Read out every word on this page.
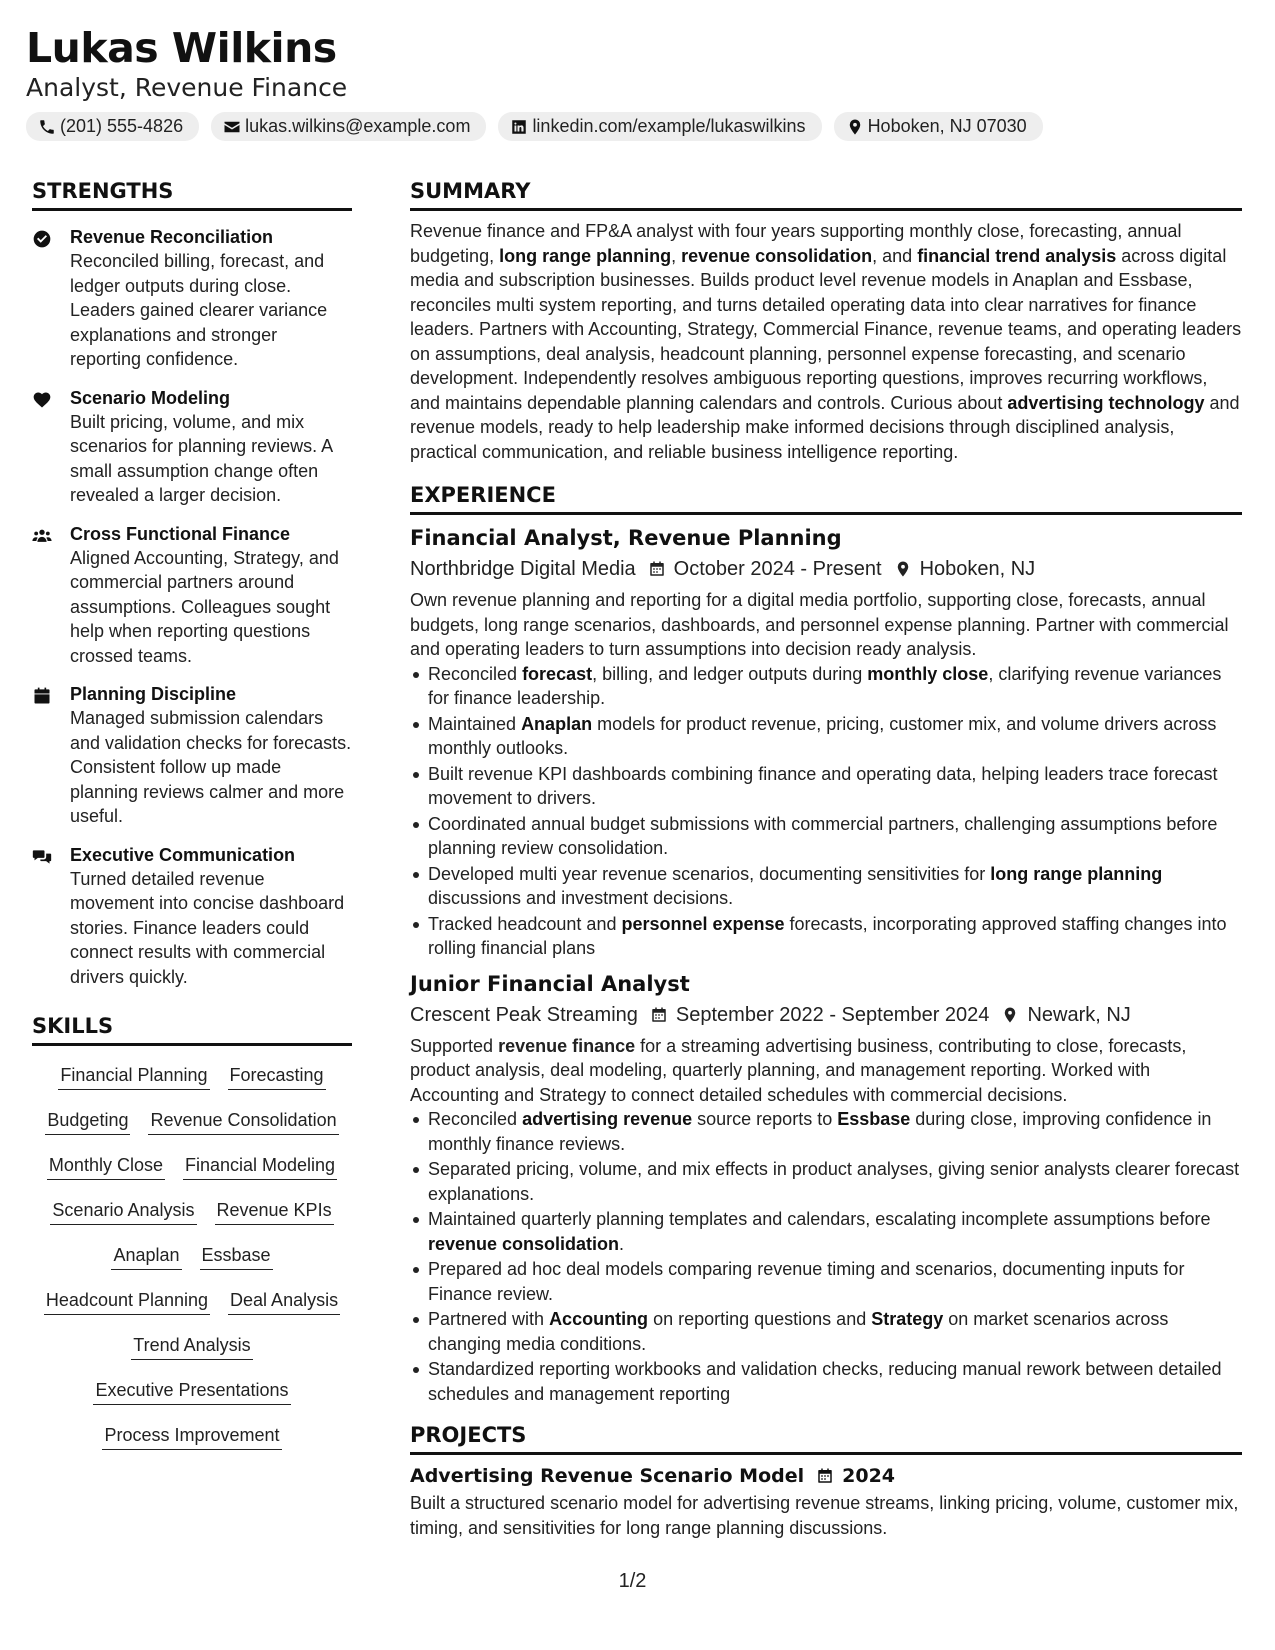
Lukas Wilkins
Analyst, Revenue Finance
(201) 555-4826	lukas.wilkins@example.com	linkedin.com/example/lukaswilkins	Hoboken, NJ 07030
STRENGTHS
Revenue Reconciliation
Reconciled billing, forecast, and ledger outputs during close. Leaders gained clearer variance explanations and stronger reporting confidence.
Scenario Modeling
Built pricing, volume, and mix scenarios for planning reviews. A small assumption change often revealed a larger decision.
Cross Functional Finance
Aligned Accounting, Strategy, and commercial partners around assumptions. Colleagues sought help when reporting questions crossed teams.
Planning Discipline
Managed submission calendars and validation checks for forecasts. Consistent follow up made planning reviews calmer and more useful.
Executive Communication
Turned detailed revenue movement into concise dashboard stories. Finance leaders could connect results with commercial drivers quickly.
SKILLS
Financial Planning Forecasting
Budgeting Revenue Consolidation
Monthly Close Financial Modeling
Scenario Analysis Revenue KPIs
Anaplan Essbase
Headcount Planning Deal Analysis
Trend Analysis
Executive Presentations
Process Improvement
SUMMARY
Revenue finance and FP&A analyst with four years supporting monthly close, forecasting, annual budgeting, long range planning, revenue consolidation, and financial trend analysis across digital media and subscription businesses. Builds product level revenue models in Anaplan and Essbase, reconciles multi system reporting, and turns detailed operating data into clear narratives for finance leaders. Partners with Accounting, Strategy, Commercial Finance, revenue teams, and operating leaders on assumptions, deal analysis, headcount planning, personnel expense forecasting, and scenario development. Independently resolves ambiguous reporting questions, improves recurring workflows, and maintains dependable planning calendars and controls. Curious about advertising technology and revenue models, ready to help leadership make informed decisions through disciplined analysis, practical communication, and reliable business intelligence reporting.
EXPERIENCE
Financial Analyst, Revenue Planning
Northbridge Digital Media October 2024 - Present Hoboken, NJ
Own revenue planning and reporting for a digital media portfolio, supporting close, forecasts, annual budgets, long range scenarios, dashboards, and personnel expense planning. Partner with commercial and operating leaders to turn assumptions into decision ready analysis.
Reconciled forecast, billing, and ledger outputs during monthly close, clarifying revenue variances for finance leadership.
Maintained Anaplan models for product revenue, pricing, customer mix, and volume drivers across monthly outlooks.
Built revenue KPI dashboards combining finance and operating data, helping leaders trace forecast movement to drivers.
Coordinated annual budget submissions with commercial partners, challenging assumptions before planning review consolidation.
Developed multi year revenue scenarios, documenting sensitivities for long range planning discussions and investment decisions.
Tracked headcount and personnel expense forecasts, incorporating approved staffing changes into rolling financial plans
Junior Financial Analyst
Crescent Peak Streaming September 2022 - September 2024 Newark, NJ
Supported revenue finance for a streaming advertising business, contributing to close, forecasts, product analysis, deal modeling, quarterly planning, and management reporting. Worked with Accounting and Strategy to connect detailed schedules with commercial decisions.
Reconciled advertising revenue source reports to Essbase during close, improving confidence in monthly finance reviews.
Separated pricing, volume, and mix effects in product analyses, giving senior analysts clearer forecast explanations.
Maintained quarterly planning templates and calendars, escalating incomplete assumptions before revenue consolidation.
Prepared ad hoc deal models comparing revenue timing and scenarios, documenting inputs for Finance review.
Partnered with Accounting on reporting questions and Strategy on market scenarios across changing media conditions.
Standardized reporting workbooks and validation checks, reducing manual rework between detailed schedules and management reporting
PROJECTS
Advertising Revenue Scenario Model 2024
Built a structured scenario model for advertising revenue streams, linking pricing, volume, customer mix, timing, and sensitivities for long range planning discussions.
1/2
